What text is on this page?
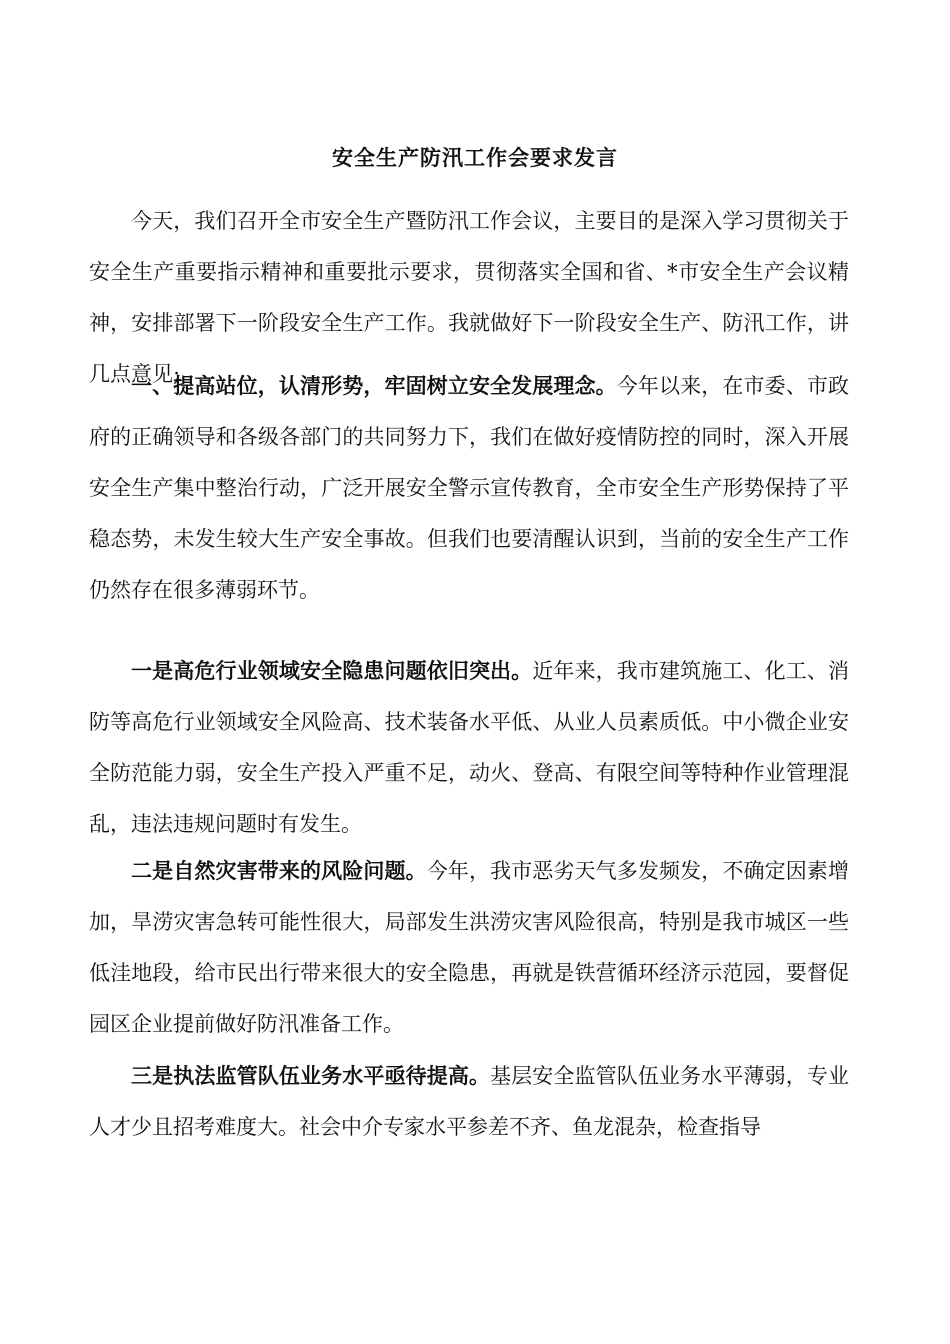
安全生产防汛工作会要求发言

今天，我们召开全市安全生产暨防汛工作会议，主要目的是深入学习贯彻关于安全生产重要指示精神和重要批示要求，贯彻落实全国和省、*市安全生产会议精神，安排部署下一阶段安全生产工作。我就做好下一阶段安全生产、防汛工作，讲几点意见;

一、提高站位，认清形势，牢固树立安全发展理念。今年以来，在市委、市政府的正确领导和各级各部门的共同努力下，我们在做好疫情防控的同时，深入开展安全生产集中整治行动，广泛开展安全警示宣传教育，全市安全生产形势保持了平稳态势，未发生较大生产安全事故。但我们也要清醒认识到，当前的安全生产工作仍然存在很多薄弱环节。

一是高危行业领域安全隐患问题依旧突出。近年来，我市建筑施工、化工、消防等高危行业领域安全风险高、技术装备水平低、从业人员素质低。中小微企业安全防范能力弱，安全生产投入严重不足，动火、登高、有限空间等特种作业管理混乱，违法违规问题时有发生。

二是自然灾害带来的风险问题。今年，我市恶劣天气多发频发，不确定因素增加，旱涝灾害急转可能性很大，局部发生洪涝灾害风险很高，特别是我市城区一些低洼地段，给市民出行带来很大的安全隐患，再就是铁营循环经济示范园，要督促园区企业提前做好防汛准备工作。

三是执法监管队伍业务水平亟待提高。基层安全监管队伍业务水平薄弱，专业人才少且招考难度大。社会中介专家水平参差不齐、鱼龙混杂，检查指导
